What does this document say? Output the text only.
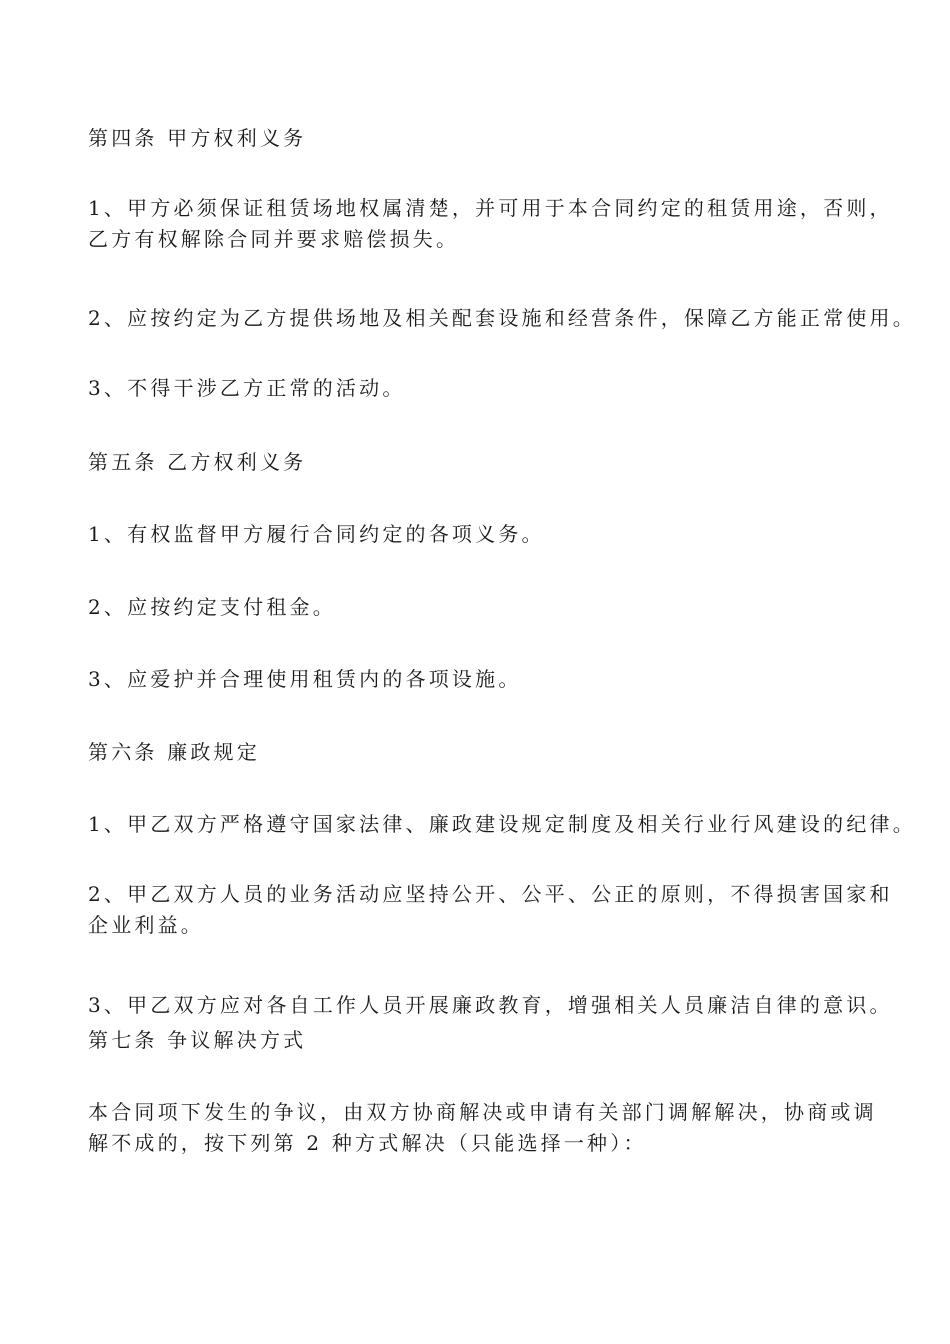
第四条 甲方权利义务
1、甲方必须保证租赁场地权属清楚，并可用于本合同约定的租赁用途，否则，
乙方有权解除合同并要求赔偿损失。
2、应按约定为乙方提供场地及相关配套设施和经营条件，保障乙方能正常使用。
3、不得干涉乙方正常的活动。
第五条 乙方权利义务
1、有权监督甲方履行合同约定的各项义务。
2、应按约定支付租金。
3、应爱护并合理使用租赁内的各项设施。
第六条 廉政规定
1、甲乙双方严格遵守国家法律、廉政建设规定制度及相关行业行风建设的纪律。
2、甲乙双方人员的业务活动应坚持公开、公平、公正的原则，不得损害国家和
企业利益。
3、甲乙双方应对各自工作人员开展廉政教育，增强相关人员廉洁自律的意识。
第七条 争议解决方式
本合同项下发生的争议，由双方协商解决或申请有关部门调解解决，协商或调
解不成的，按下列第 2 种方式解决（只能选择一种）：
